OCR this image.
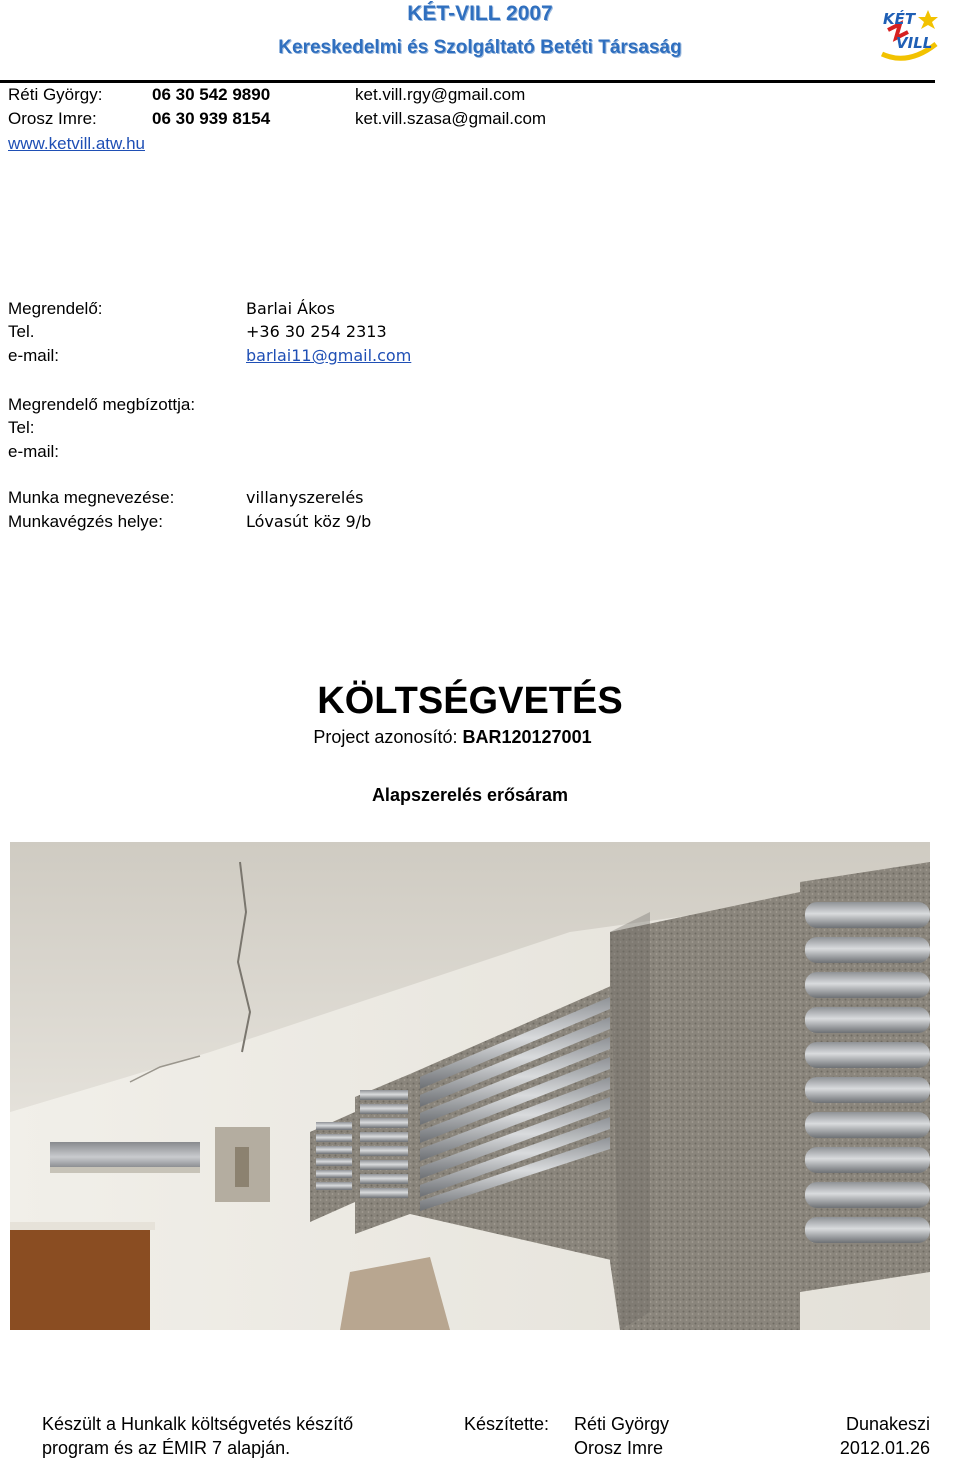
KÉT-VILL 2007
Kereskedelmi és Szolgáltató Betéti Társaság
KÉT
VILL
Réti György:	06 30 542 9890	ket.vill.rgy@gmail.com
Orosz Imre:	06 30 939 8154	ket.vill.szasa@gmail.com
www.ketvill.atw.hu
Megrendelő:	Barlai Ákos
Tel.	+36 30 254 2313
e-mail:	barlai11@gmail.com
Megrendelő megbízottja:
Tel:
e-mail:
Munka megnevezése:	villanyszerelés
Munkavégzés helye:	Lóvasút köz 9/b
KÖLTSÉGVETÉS
Project azonosító: BAR120127001
Alapszerelés erősáram
Készült a Hunkalk költségvetés készítő
program és az ÉMIR 7 alapján.
Készítette: Réti György
Orosz Imre
Dunakeszi
2012.01.26
